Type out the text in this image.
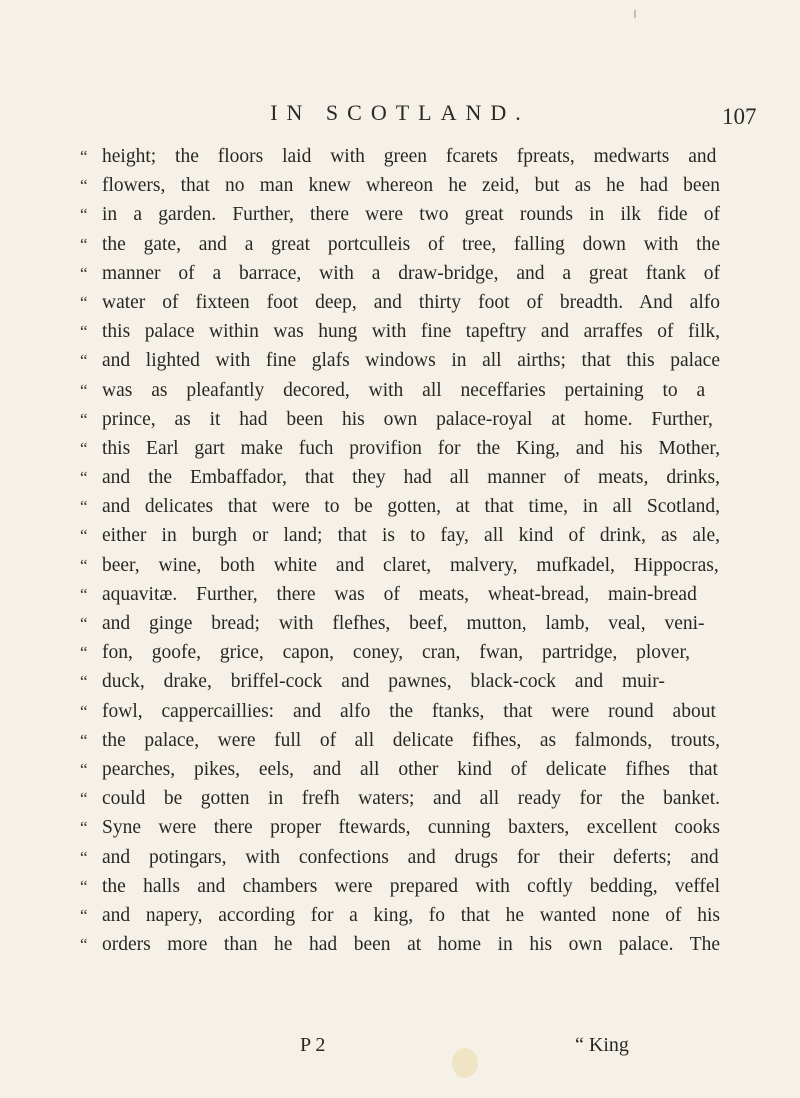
IN SCOTLAND.	107
“ height; the floors laid with green fcarets fpreats, medwarts and
“ flowers, that no man knew whereon he zeid, but as he had been
“ in a garden. Further, there were two great rounds in ilk fide of
“ the gate, and a great portculleis of tree, falling down with the
“ manner of a barrace, with a draw-bridge, and a great ftank of
“ water of fixteen foot deep, and thirty foot of breadth. And alfo
“ this palace within was hung with fine tapeftry and arraffes of filk,
“ and lighted with fine glafs windows in all airths; that this palace
“ was as pleafantly decored, with all neceffaries pertaining to a
“ prince, as it had been his own palace-royal at home. Further,
“ this Earl gart make fuch provifion for the King, and his Mother,
“ and the Embaffador, that they had all manner of meats, drinks,
“ and delicates that were to be gotten, at that time, in all Scotland,
“ either in burgh or land; that is to fay, all kind of drink, as ale,
“ beer, wine, both white and claret, malvery, mufkadel, Hippocras,
“ aquavitæ. Further, there was of meats, wheat-bread, main-bread
“ and ginge bread; with flefhes, beef, mutton, lamb, veal, veni-
“ fon, goofe, grice, capon, coney, cran, fwan, partridge, plover,
“ duck, drake, briffel-cock and pawnes, black-cock and muir-
“ fowl, cappercaillies: and alfo the ftanks, that were round about
“ the palace, were full of all delicate fifhes, as falmonds, trouts,
“ pearches, pikes, eels, and all other kind of delicate fifhes that
“ could be gotten in frefh waters; and all ready for the banket.
“ Syne were there proper ftewards, cunning baxters, excellent cooks
“ and potingars, with confections and drugs for their deferts; and
“ the halls and chambers were prepared with coftly bedding, veffel
“ and napery, according for a king, fo that he wanted none of his
“ orders more than he had been at home in his own palace. The
P 2	“ King
